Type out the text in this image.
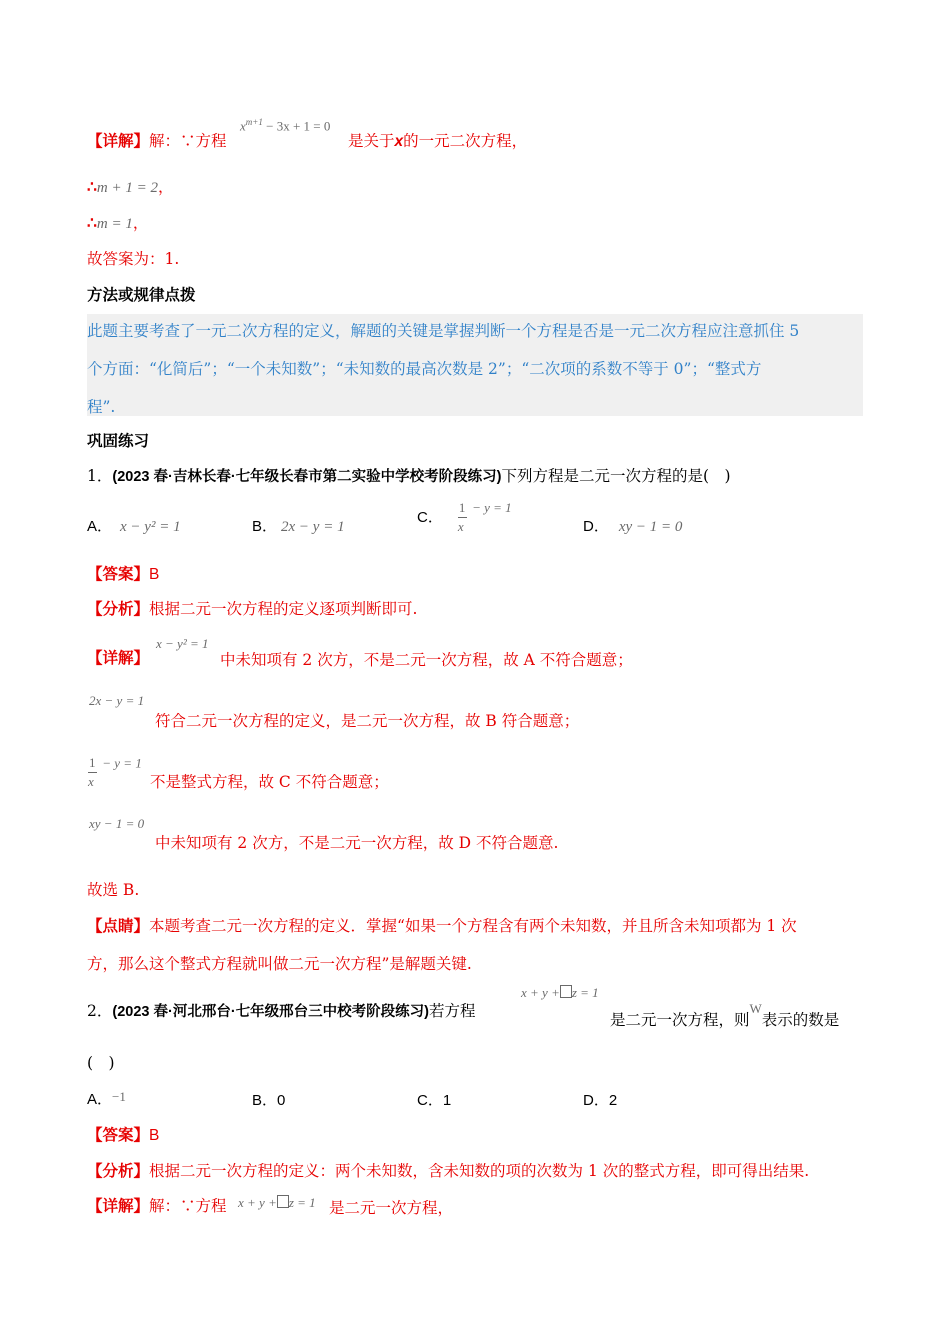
【详解】解：∵方程
$x^{m+1} - 3x + 1 = 0$
是关于x的一元二次方程，
∴m + 1 = 2，
∴m = 1，
故答案为：1.
方法或规律点拨
此题主要考查了一元二次方程的定义，解题的关键是掌握判断一个方程是否是一元二次方程应注意抓住 5
个方面：“化简后”；“一个未知数”；“未知数的最高次数是 2”；“二次项的系数不等于 0”；“整式方
程”.
巩固练习
1．(2023 春·吉林长春·七年级长春市第二实验中学校考阶段练习)下列方程是二元一次方程的是(　)
A． x − y² = 1	B． 2x − y = 1
C． $\frac{1}{x} - y = 1$
D． xy − 1 = 0
【答案】B
【分析】根据二元一次方程的定义逐项判断即可.
【详解】
x − y² = 1
中未知项有 2 次方，不是二元一次方程，故 A 不符合题意；
2x − y = 1
符合二元一次方程的定义，是二元一次方程，故 B 符合题意；
$\frac{1}{x} ^{- y = 1}$
不是整式方程，故 C 不符合题意；
xy − 1 = 0
中未知项有 2 次方，不是二元一次方程，故 D 不符合题意.
故选 B.
【点睛】本题考查二元一次方程的定义．掌握“如果一个方程含有两个未知数，并且所含未知项都为 1 次
方，那么这个整式方程就叫做二元一次方程”是解题关键.
2．(2023 春·河北邢台·七年级邢台三中校考阶段练习)若方程
x + y + z = 1
是二元一次方程，则$^W$表示的数是
(　)
A．−1	B．0	C．1	D．2
【答案】B
【分析】根据二元一次方程的定义：两个未知数，含未知数的项的次数为 1 次的整式方程，即可得出结果.
【详解】解：∵方程 x + y + z = 1 是二元一次方程，
